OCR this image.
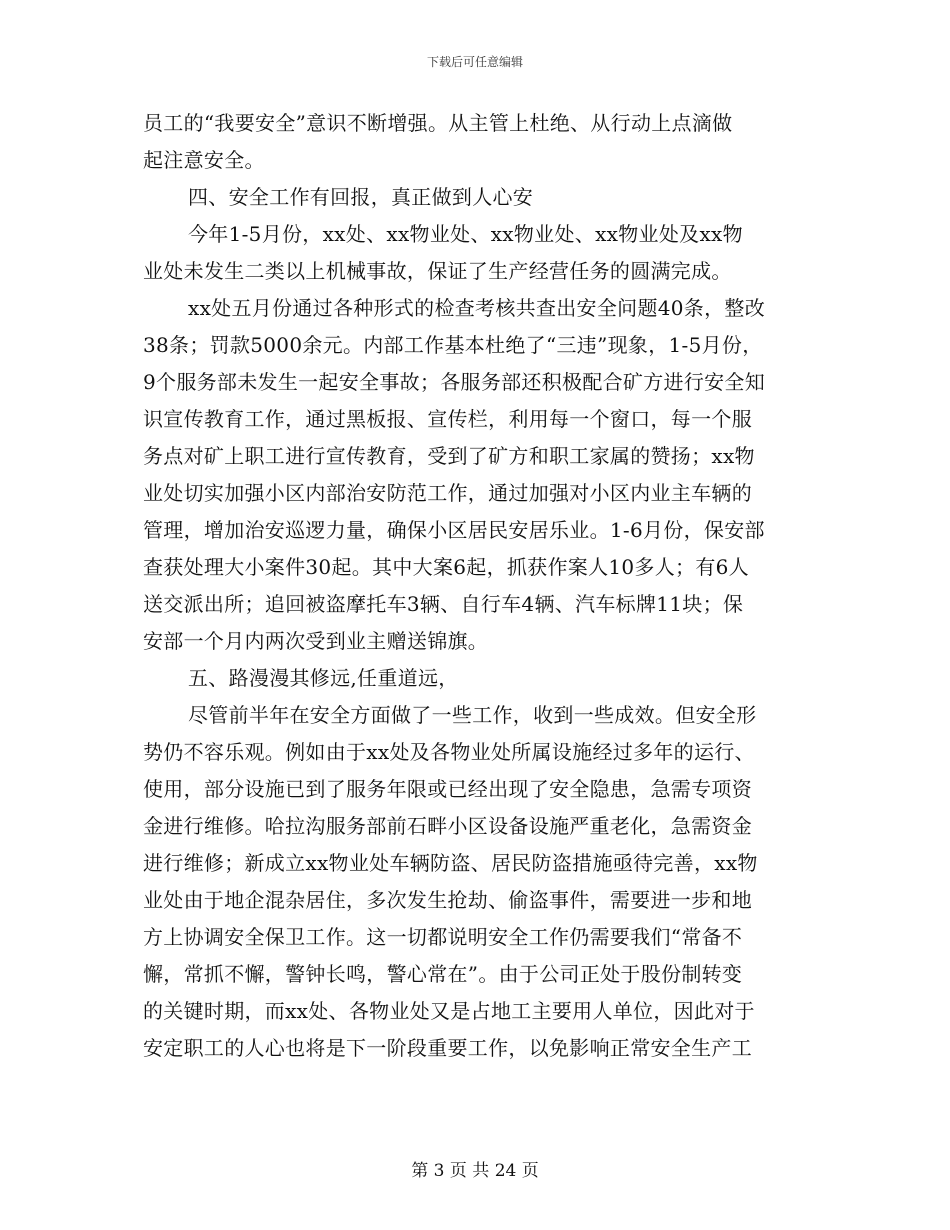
下载后可任意编辑
员工的“我要安全”意识不断增强。从主管上杜绝、从行动上点滴做
起注意安全。
四、安全工作有回报，真正做到人心安
今年1-5月份，xx处、xx物业处、xx物业处、xx物业处及xx物
业处未发生二类以上机械事故，保证了生产经营任务的圆满完成。
xx处五月份通过各种形式的检查考核共查出安全问题40条，整改
38条；罚款5000余元。内部工作基本杜绝了“三违”现象，1-5月份，
9个服务部未发生一起安全事故；各服务部还积极配合矿方进行安全知
识宣传教育工作，通过黑板报、宣传栏，利用每一个窗口，每一个服
务点对矿上职工进行宣传教育，受到了矿方和职工家属的赞扬；xx物
业处切实加强小区内部治安防范工作，通过加强对小区内业主车辆的
管理，增加治安巡逻力量，确保小区居民安居乐业。1-6月份，保安部
查获处理大小案件30起。其中大案6起，抓获作案人10多人；有6人
送交派出所；追回被盗摩托车3辆、自行车4辆、汽车标牌11块；保
安部一个月内两次受到业主赠送锦旗。
五、路漫漫其修远,任重道远，
尽管前半年在安全方面做了一些工作，收到一些成效。但安全形
势仍不容乐观。例如由于xx处及各物业处所属设施经过多年的运行、
使用，部分设施已到了服务年限或已经出现了安全隐患，急需专项资
金进行维修。哈拉沟服务部前石畔小区设备设施严重老化，急需资金
进行维修；新成立xx物业处车辆防盗、居民防盗措施亟待完善，xx物
业处由于地企混杂居住，多次发生抢劫、偷盗事件，需要进一步和地
方上协调安全保卫工作。这一切都说明安全工作仍需要我们“常备不
懈，常抓不懈，警钟长鸣，警心常在”。由于公司正处于股份制转变
的关键时期，而xx处、各物业处又是占地工主要用人单位，因此对于
安定职工的人心也将是下一阶段重要工作，以免影响正常安全生产工
第 3 页 共 24 页
